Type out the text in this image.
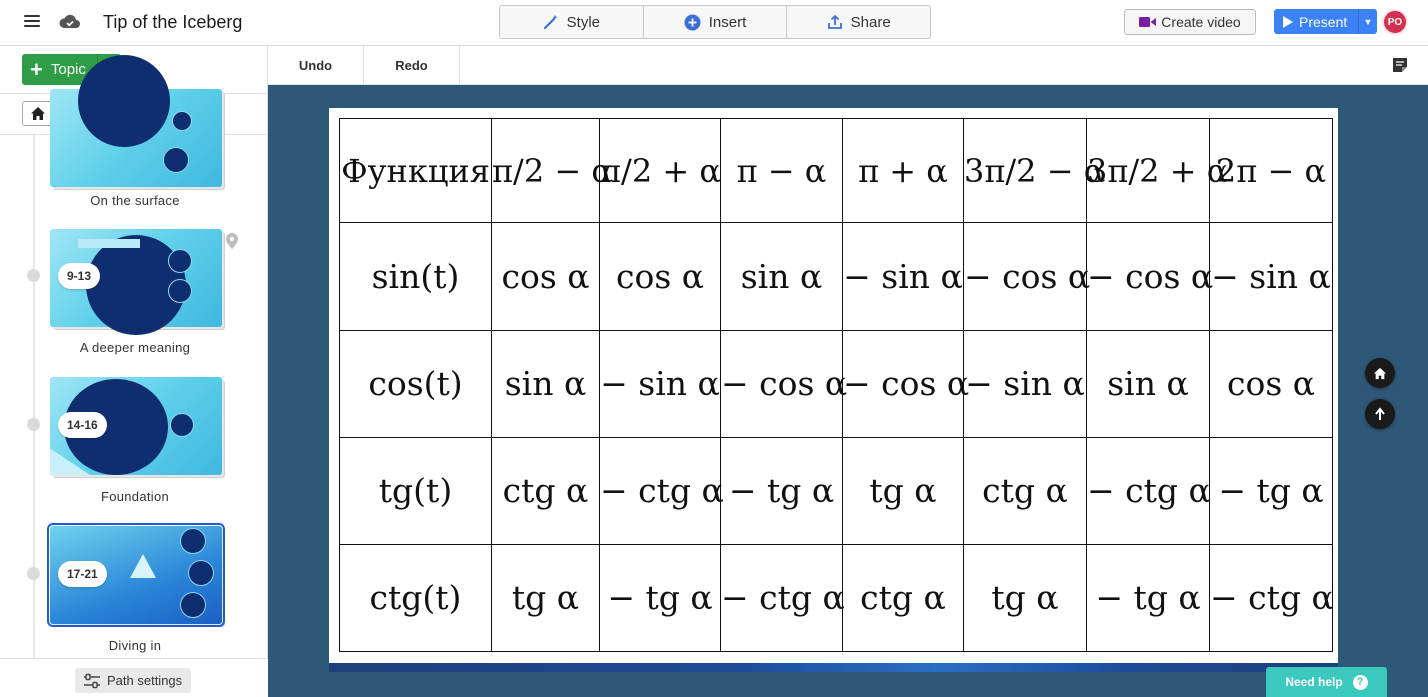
Tip of the Iceberg	Style	Insert	Share	Create video	Present	▼	PO
+ Topic
On the surface
9-13
A deeper meaning
14-16
Foundation
17-21
Diving in
Path settings
Undo	Redo
Функция	π/2 − α	π/2 + α	π − α	π + α	3π/2 − α	3π/2 + α	2π − α
sin(t)	cos α	cos α	sin α	− sin α	− cos α	− cos α	− sin α
cos(t)	sin α	− sin α	− cos α	− cos α	− sin α	sin α	cos α
tg(t)	ctg α	− ctg α	− tg α	tg α	ctg α	− ctg α	− tg α
ctg(t)	tg α	− tg α	− ctg α	ctg α	tg α	− tg α	− ctg α
Need help	?
